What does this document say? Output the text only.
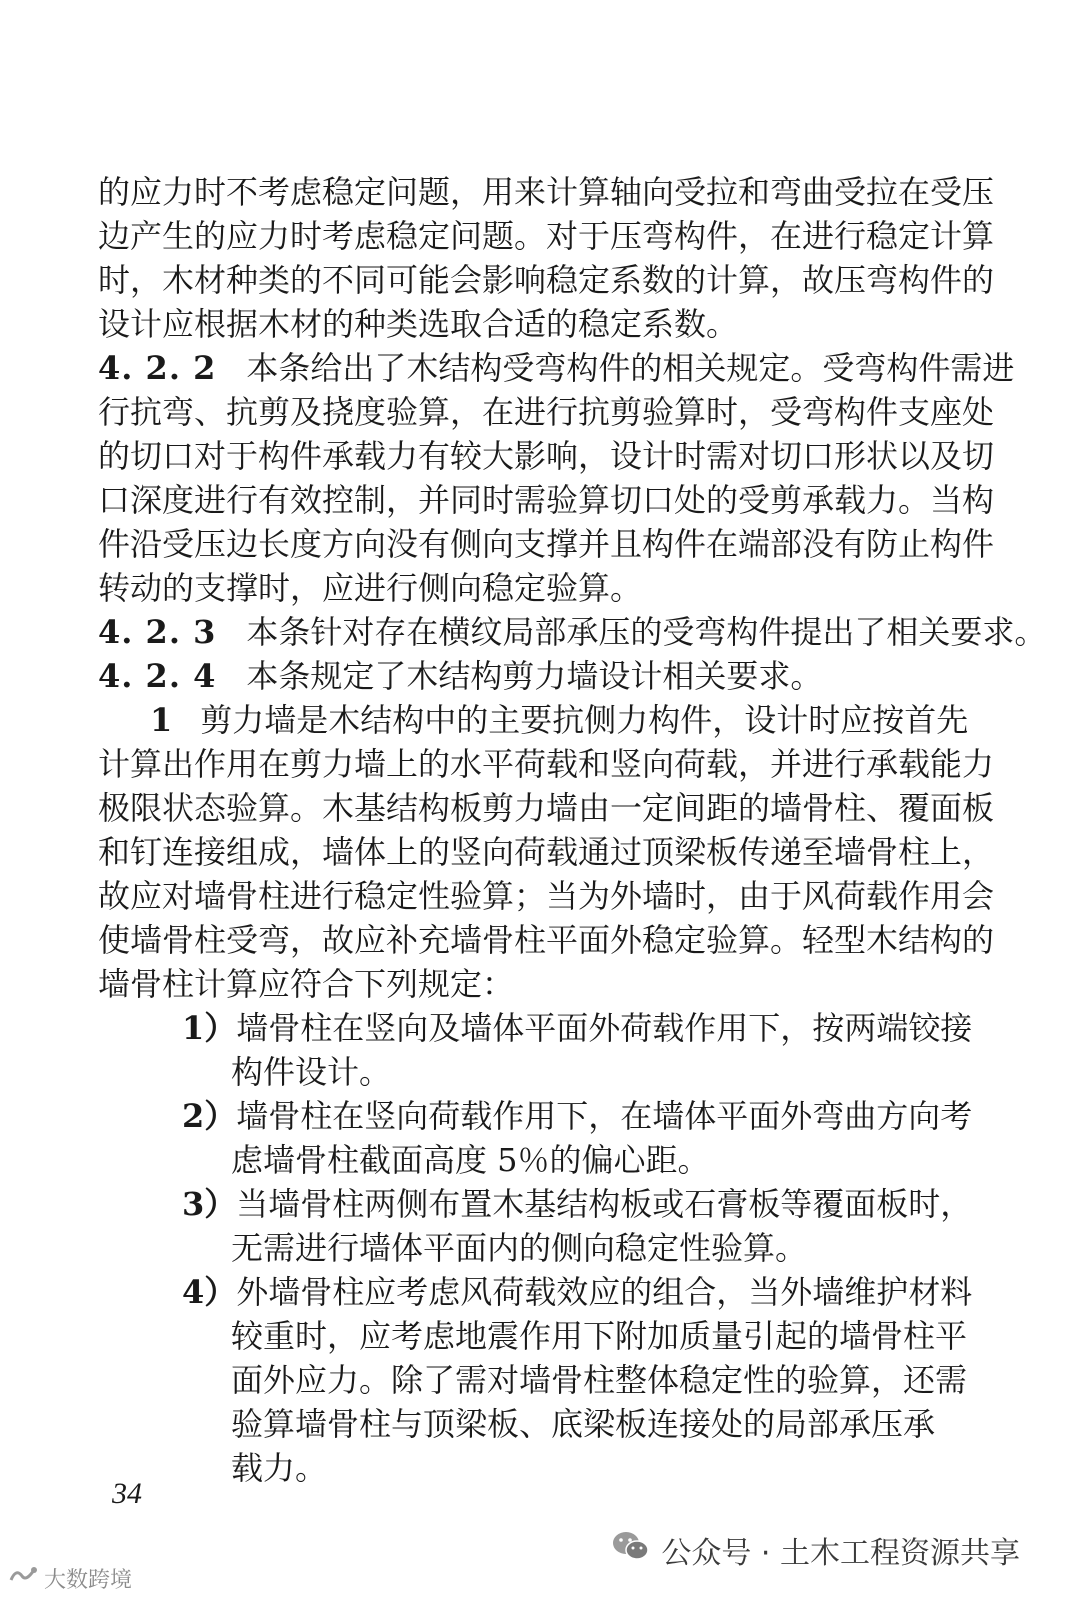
的应力时不考虑稳定问题，用来计算轴向受拉和弯曲受拉在受压
边产生的应力时考虑稳定问题。对于压弯构件，在进行稳定计算
时，木材种类的不同可能会影响稳定系数的计算，故压弯构件的
设计应根据木材的种类选取合适的稳定系数。
4. 2. 2 本条给出了木结构受弯构件的相关规定。受弯构件需进
行抗弯、抗剪及挠度验算，在进行抗剪验算时，受弯构件支座处
的切口对于构件承载力有较大影响，设计时需对切口形状以及切
口深度进行有效控制，并同时需验算切口处的受剪承载力。当构
件沿受压边长度方向没有侧向支撑并且构件在端部没有防止构件
转动的支撑时，应进行侧向稳定验算。
4. 2. 3 本条针对存在横纹局部承压的受弯构件提出了相关要求。
4. 2. 4 本条规定了木结构剪力墙设计相关要求。
1 剪力墙是木结构中的主要抗侧力构件，设计时应按首先
计算出作用在剪力墙上的水平荷载和竖向荷载，并进行承载能力
极限状态验算。木基结构板剪力墙由一定间距的墙骨柱、覆面板
和钉连接组成，墙体上的竖向荷载通过顶梁板传递至墙骨柱上，
故应对墙骨柱进行稳定性验算；当为外墙时，由于风荷载作用会
使墙骨柱受弯，故应补充墙骨柱平面外稳定验算。轻型木结构的
墙骨柱计算应符合下列规定：
1）墙骨柱在竖向及墙体平面外荷载作用下，按两端铰接
构件设计。
2）墙骨柱在竖向荷载作用下，在墙体平面外弯曲方向考
虑墙骨柱截面高度 5％的偏心距。
3）当墙骨柱两侧布置木基结构板或石膏板等覆面板时，
无需进行墙体平面内的侧向稳定性验算。
4）外墙骨柱应考虑风荷载效应的组合，当外墙维护材料
较重时，应考虑地震作用下附加质量引起的墙骨柱平
面外应力。除了需对墙骨柱整体稳定性的验算，还需
验算墙骨柱与顶梁板、底梁板连接处的局部承压承
载力。
34
公众号 · 土木工程资源共享
大数跨境
